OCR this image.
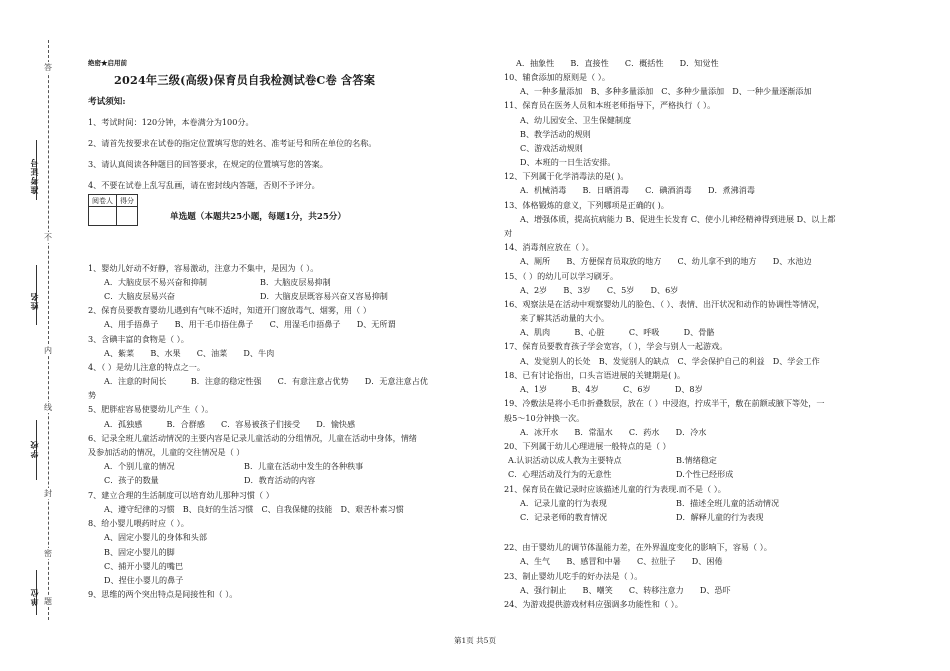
准考证号
姓名
学校
单位
答
不
内
线
封
密
题
绝密★启用前
2024年三级(高级)保育员自我检测试卷C卷 含答案
考试须知:
1、考试时间：120分钟，本卷满分为100分。
2、请首先按要求在试卷的指定位置填写您的姓名、准考证号和所在单位的名称。
3、请认真阅读各种题目的回答要求，在规定的位置填写您的答案。
4、不要在试卷上乱写乱画，请在密封线内答题，否则不予评分。
阅卷人	得分

单选题（本题共25小题，每题1分，共25分）
1、婴幼儿好动不好静，容易激动，注意力不集中，是因为（ ）。
A．大脑皮层不易兴奋和抑制	B．大脑皮层易抑制
C．大脑皮层易兴奋	D．大脑皮层既容易兴奋又容易抑制
2、保育员要教育婴幼儿遇到有气味不适时，知道开门窗放毒气、烟雾，用（ ）
A、用手捂鼻子　　B、用干毛巾捂住鼻子　　C、用湿毛巾捂鼻子　　D、无所谓
3、含碘丰富的食物是（ ）。
A、紫菜　　B、水果　　C、油菜　　D、牛肉
4、（ ）是幼儿注意的特点之一。
A．注意的时间长　　　B．注意的稳定性强　　C．有意注意占优势　　D．无意注意占优
势
5、肥胖症容易使婴幼儿产生（ ）。
A．孤独感　　　B．合群感　　C．容易被孩子们接受　　D．愉快感
6、记录全班儿童活动情况的主要内容是记录儿童活动的分组情况，儿童在活动中身体，情绪
及参加活动的情况，儿童的交往情况是（ ）
A．个别儿童的情况	B．儿童在活动中发生的各种秩事
C．孩子的数量	D．教育活动的内容
7、建立合理的生活制度可以培育幼儿那种习惯（ ）
A、遵守纪律的习惯　B、良好的生活习惯　C、自我保健的技能　D、艰苦朴素习惯
8、给小婴儿喂药时应（ ）。
A、固定小婴儿的身体和头部
B、固定小婴儿的脚
C、捕开小婴儿的嘴巴
D、捏住小婴儿的鼻子
9、思维的两个突出特点是间接性和（ ）。
A．抽象性　　B．直接性　　C．概括性　　D．知觉性
10、辅食添加的原则是（ ）。
A、一种多量添加　B、多种多量添加　C、多种少量添加　D、一种少量逐渐添加
11、保育员在医务人员和本班老师指导下，严格执行（ ）。
A、幼儿园安全、卫生保健制度
B、教学活动的规则
C、游戏活动规则
D、本班的一日生活安排。
12、下列属于化学消毒法的是( )。
A．机械消毒　　B．日晒消毒　　C．碘酒消毒　　D．煮沸消毒
13、体格锻炼的意义，下列哪项是正确的( )。
A、增强体质，提高抗病能力 B、促进生长发育 C、使小儿神经精神得到进展 D、以上都
对
14、消毒剂应放在（ ）。
A、厕所　　B、方便保育员取放的地方　　C、幼儿拿不到的地方　　D、水池边
15、（ ）的幼儿可以学习刷牙。
A、2岁　　B、3岁　　C、5岁　　D、6岁
16、观察法是在活动中观察婴幼儿的脸色、（ ）、表情、出汗状况和动作的协调性等情况，
来了解其活动量的大小。
A、肌肉　　　B、心脏　　　C、呼吸　　　D、骨骼
17、保育员要教育孩子学会宽容，（ ），学会与别人一起游戏。
A、发觉别人的长处　B、发觉别人的缺点　C、学会保护自己的利益　D、学会工作
18、已有讨论指出，口头言语进展的关键期是( )。
A、1岁　　　B、4岁　　　C、6岁　　　D、8岁
19、冷敷法是将小毛巾折叠数层，放在（ ）中浸泡，拧成半干，敷在前额或腋下等处，一
般5～10分钟换一次。
A．冰开水　　B．常温水　　C．药水　　D．冷水
20、下列属于幼儿心理进展一般特点的是（ ）
A.认识活动以成人教为主要特点	B.情绪稳定
C．心理活动及行为的无意性	D.个性已经形成
21、保育员在做记录时应该描述儿童的行为表现.而不是（ ）。
A．记录儿童的行为表现	B．描述全班儿童的活动情况
C．记录老师的教育情况	D．解释儿童的行为表现
22、由于婴幼儿的调节体温能力差，在外界温度变化的影响下，容易（ ）。
A、生气　　B、感冒和中暑　　C、拉肚子　　D、困倦
23、制止婴幼儿吃手的好办法是（ ）。
A、强行制止　　B、嘲笑　　C、转移注意力　　D、恐吓
24、为游戏提供游戏材料应强调多功能性和（ ）。
第1页 共5页
